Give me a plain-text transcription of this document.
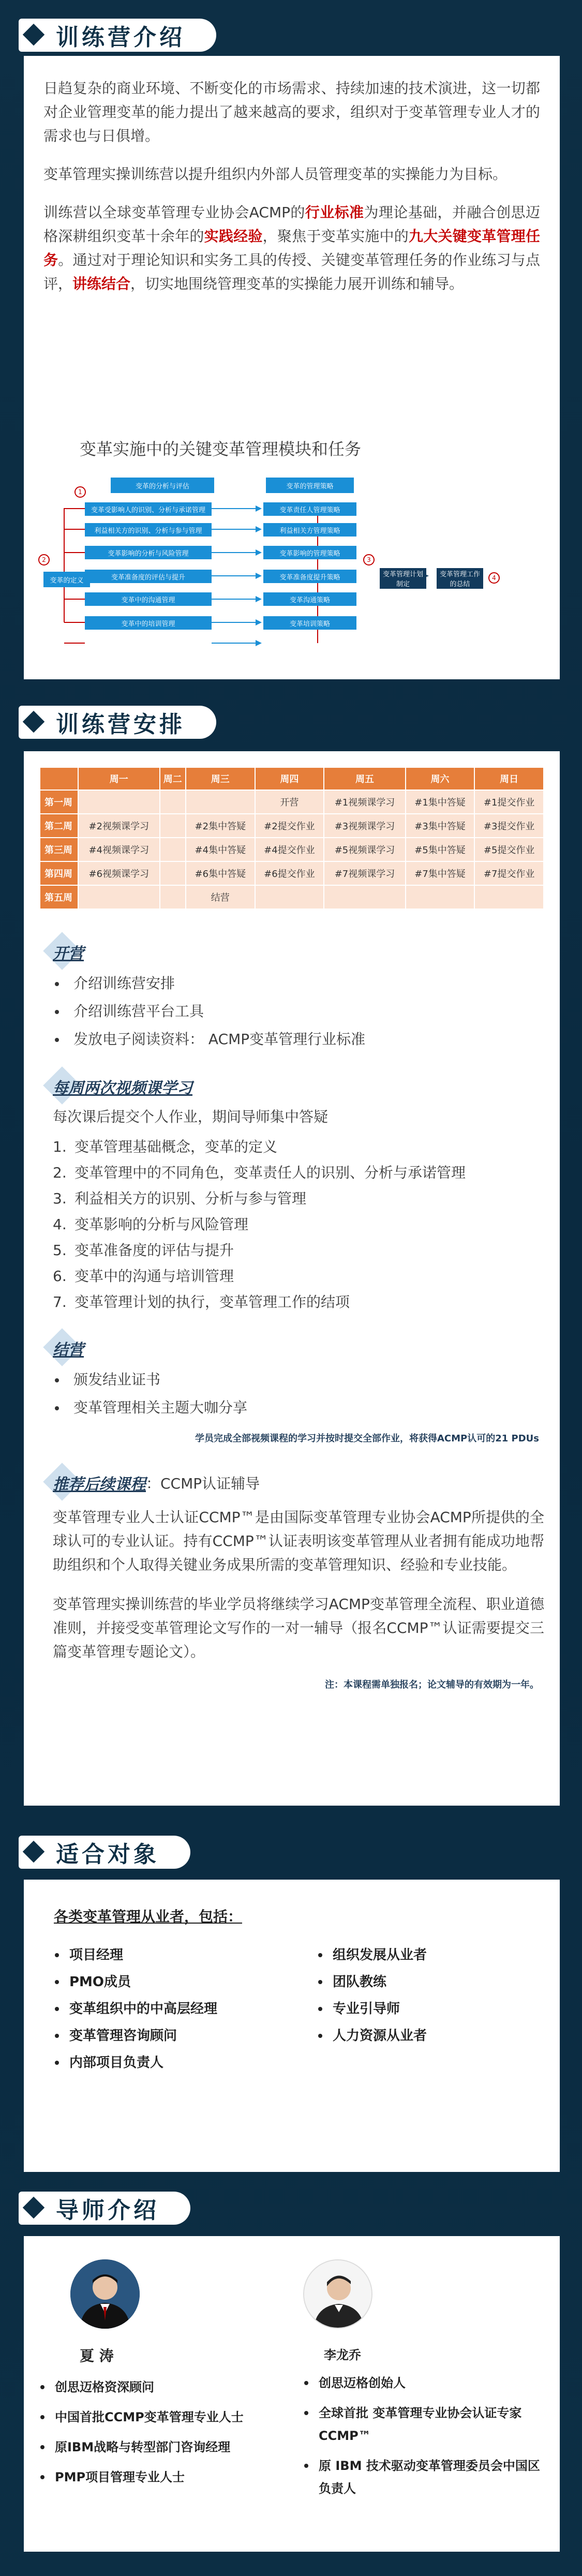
训练营介绍

日趋复杂的商业环境、不断变化的市场需求、持续加速的技术演进，这一切都对企业管理变革的能力提出了越来越高的要求，组织对于变革管理专业人才的需求也与日俱增。

变革管理实操训练营以提升组织内外部人员管理变革的实操能力为目标。

训练营以全球变革管理专业协会ACMP的行业标准为理论基础，并融合创思迈格深耕组织变革十余年的实践经验，聚焦于变革实施中的九大关键变革管理任务。通过对于理论知识和实务工具的传授、关键变革管理任务的作业练习与点评，讲练结合，切实地围绕管理变革的实操能力展开训练和辅导。

变革实施中的关键变革管理模块和任务
变革的分析与评估	变革的管理策略
变革受影响人的识别、分析与承诺管理
利益相关方的识别、分析与参与管理
变革影响的分析与风险管理
变革准备度的评估与提升
变革中的沟通管理
变革中的培训管理
变革责任人管理策略
利益相关方管理策略
变革影响的管理策略
变革准备度提升策略
变革沟通策略
变革培训策略
变革的定义
变革管理计划制定
变革管理工作的总结
1
2	3
4
训练营安排
	周一	周二	周三	周四	周五	周六	周日
第一周				开营	#1视频课学习	#1集中答疑	#1提交作业
第二周	#2视频课学习		#2集中答疑	#2提交作业	#3视频课学习	#3集中答疑	#3提交作业
第三周	#4视频课学习		#4集中答疑	#4提交作业	#5视频课学习	#5集中答疑	#5提交作业
第四周	#6视频课学习		#6集中答疑	#6提交作业	#7视频课学习	#7集中答疑	#7提交作业
第五周			结营				
开营
介绍训练营安排
介绍训练营平台工具
发放电子阅读资料： ACMP变革管理行业标准
每周两次视频课学习

每次课后提交个人作业，期间导师集中答疑

1. 变革管理基础概念，变革的定义
2. 变革管理中的不同角色，变革责任人的识别、分析与承诺管理
3. 利益相关方的识别、分析与参与管理
4. 变革影响的分析与风险管理
5. 变革准备度的评估与提升
6. 变革中的沟通与培训管理
7. 变革管理计划的执行，变革管理工作的结项
结营
颁发结业证书
变革管理相关主题大咖分享
学员完成全部视频课程的学习并按时提交全部作业，将获得ACMP认可的21 PDUs
推荐后续课程 ：CCMP认证辅导

变革管理专业人士认证CCMP™是由国际变革管理专业协会ACMP所提供的全球认可的专业认证。持有CCMP™认证表明该变革管理从业者拥有能成功地帮助组织和个人取得关键业务成果所需的变革管理知识、经验和专业技能。

变革管理实操训练营的毕业学员将继续学习ACMP变革管理全流程、职业道德准则，并接受变革管理论文写作的一对一辅导（报名CCMP™认证需要提交三篇变革管理专题论文）。

注：本课程需单独报名；论文辅导的有效期为一年。
适合对象
各类变革管理从业者，包括：
项目经理
PMO成员
变革组织中的中高层经理
变革管理咨询顾问
内部项目负责人
组织发展从业者
团队教练
专业引导师
人力资源从业者
导师介绍
夏 涛
创思迈格资深顾问
中国首批CCMP变革管理专业人士
原IBM战略与转型部门咨询经理
PMP项目管理专业人士
李龙乔
创思迈格创始人
全球首批 变革管理专业协会认证专家CCMP™
原 IBM 技术驱动变革管理委员会中国区负责人
